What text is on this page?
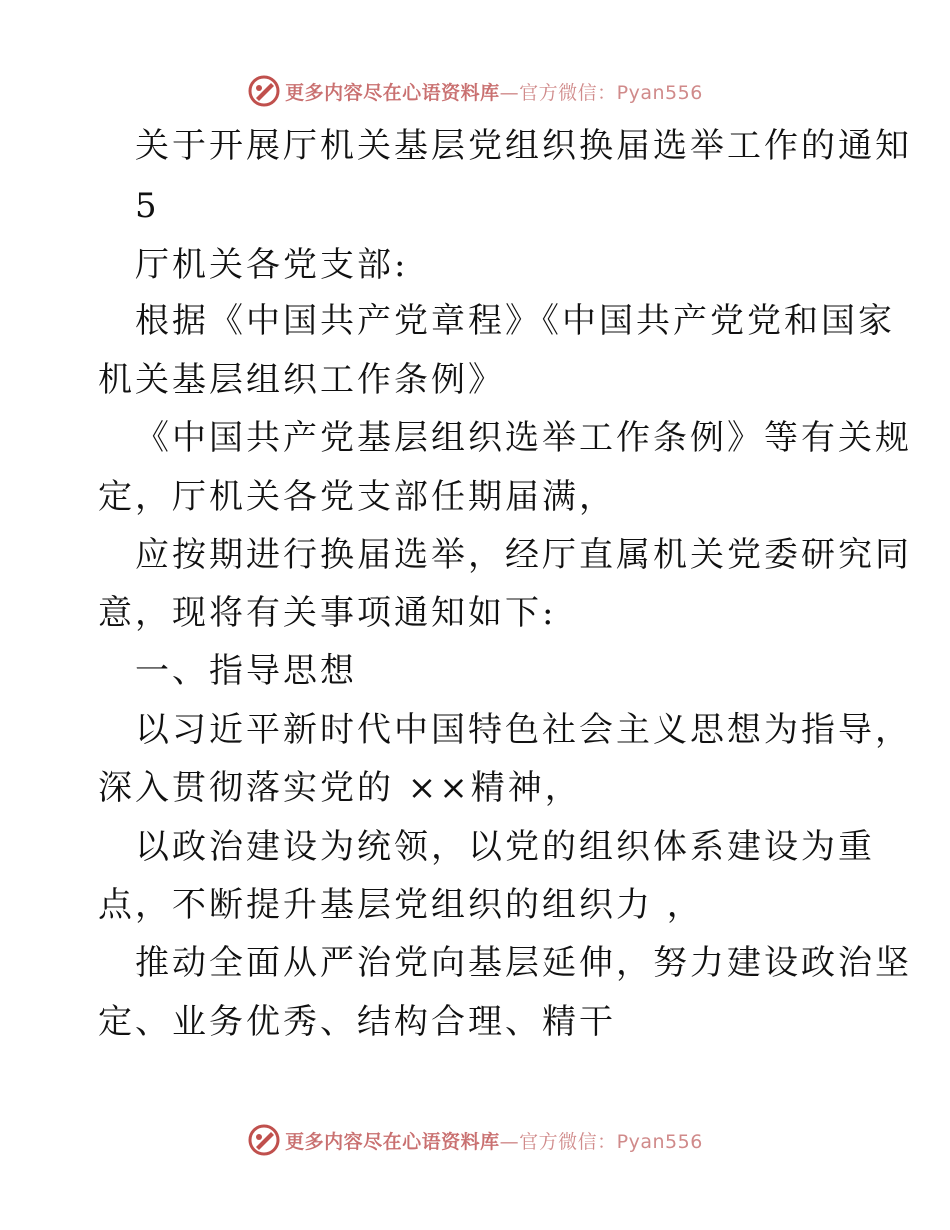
更多内容尽在心语资料库—官方微信：Pyan556
关于开展厅机关基层党组织换届选举工作的通知
5
厅机关各党支部:
根据《中国共产党章程》《中国共产党党和国家
机关基层组织工作条例》
《中国共产党基层组织选举工作条例》等有关规
定，厅机关各党支部任期届满，
应按期进行换届选举，经厅直属机关党委研究同
意，现将有关事项通知如下:
一、指导思想
以习近平新时代中国特色社会主义思想为指导，
深入贯彻落实党的 ××精神，
以政治建设为统领，以党的组织体系建设为重
点，不断提升基层党组织的组织力 ，
推动全面从严治党向基层延伸，努力建设政治坚
定、业务优秀、结构合理、精干
更多内容尽在心语资料库—官方微信：Pyan556
